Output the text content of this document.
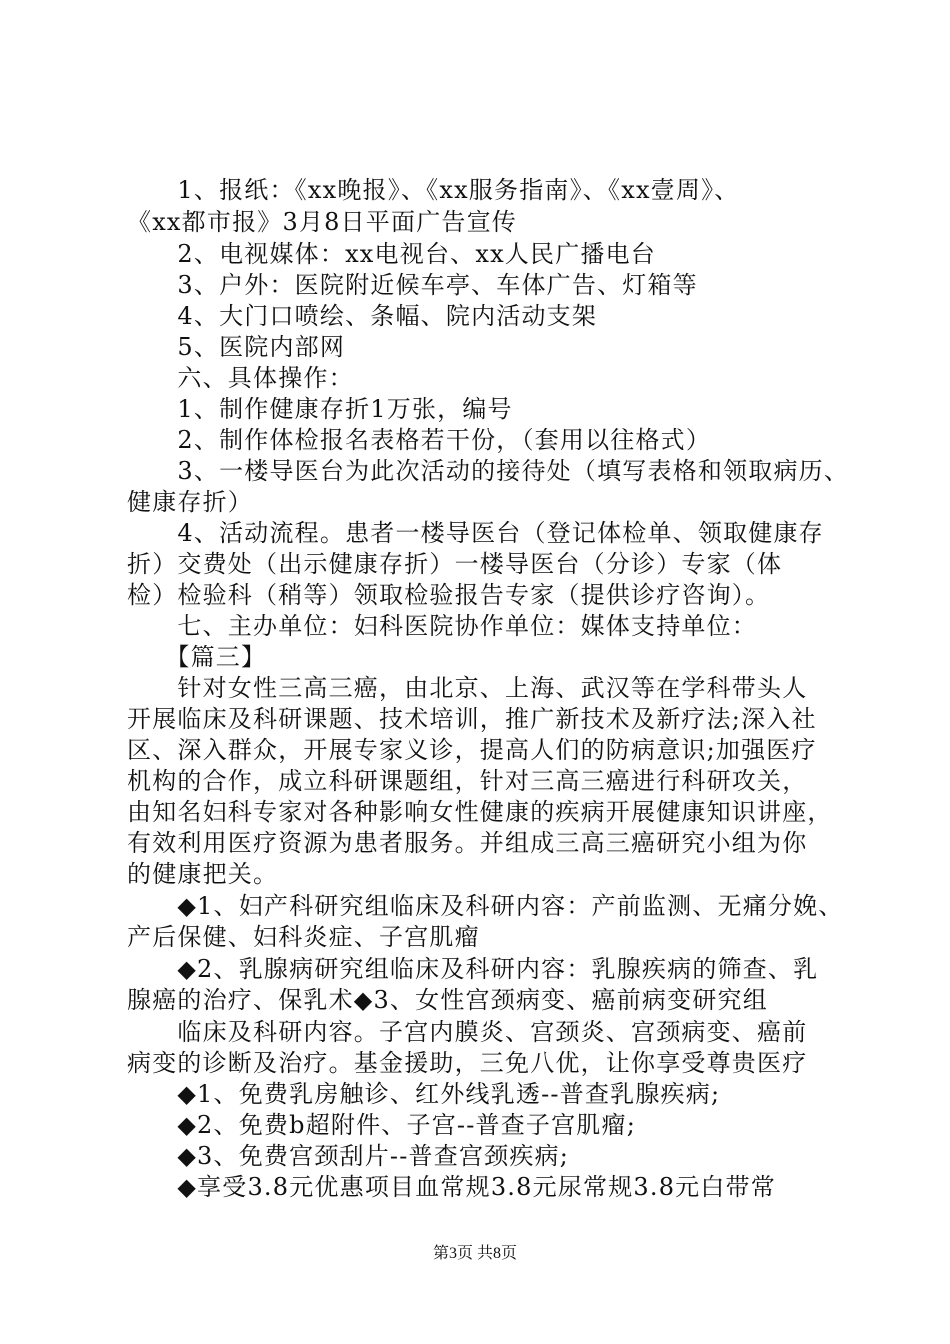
　　1、报纸：《xx晚报》、《xx服务指南》、《xx壹周》、
《xx都市报》3月8日平面广告宣传
　　2、电视媒体：xx电视台、xx人民广播电台
　　3、户外：医院附近候车亭、车体广告、灯箱等
　　4、大门口喷绘、条幅、院内活动支架
　　5、医院内部网
　　六、具体操作：
　　1、制作健康存折1万张，编号
　　2、制作体检报名表格若干份，（套用以往格式）
　　3、一楼导医台为此次活动的接待处（填写表格和领取病历、
健康存折）
　　4、活动流程。患者一楼导医台（登记体检单、领取健康存
折）交费处（出示健康存折）一楼导医台（分诊）专家（体
检）检验科（稍等）领取检验报告专家（提供诊疗咨询）。
　　七、主办单位：妇科医院协作单位：媒体支持单位：
　　【篇三】
　　针对女性三高三癌，由北京、上海、武汉等在学科带头人
开展临床及科研课题、技术培训，推广新技术及新疗法;深入社
区、深入群众，开展专家义诊，提高人们的防病意识;加强医疗
机构的合作，成立科研课题组，针对三高三癌进行科研攻关，
由知名妇科专家对各种影响女性健康的疾病开展健康知识讲座，
有效利用医疗资源为患者服务。并组成三高三癌研究小组为你
的健康把关。
　　◆1、妇产科研究组临床及科研内容：产前监测、无痛分娩、
产后保健、妇科炎症、子宫肌瘤
　　◆2、乳腺病研究组临床及科研内容：乳腺疾病的筛查、乳
腺癌的治疗、保乳术◆3、女性宫颈病变、癌前病变研究组
　　临床及科研内容。子宫内膜炎、宫颈炎、宫颈病变、癌前
病变的诊断及治疗。基金援助，三免八优，让你享受尊贵医疗
　　◆1、免费乳房触诊、红外线乳透--普查乳腺疾病;
　　◆2、免费b超附件、子宫--普查子宫肌瘤;
　　◆3、免费宫颈刮片--普查宫颈疾病;
　　◆享受3.8元优惠项目血常规3.8元尿常规3.8元白带常
第3页 共8页
